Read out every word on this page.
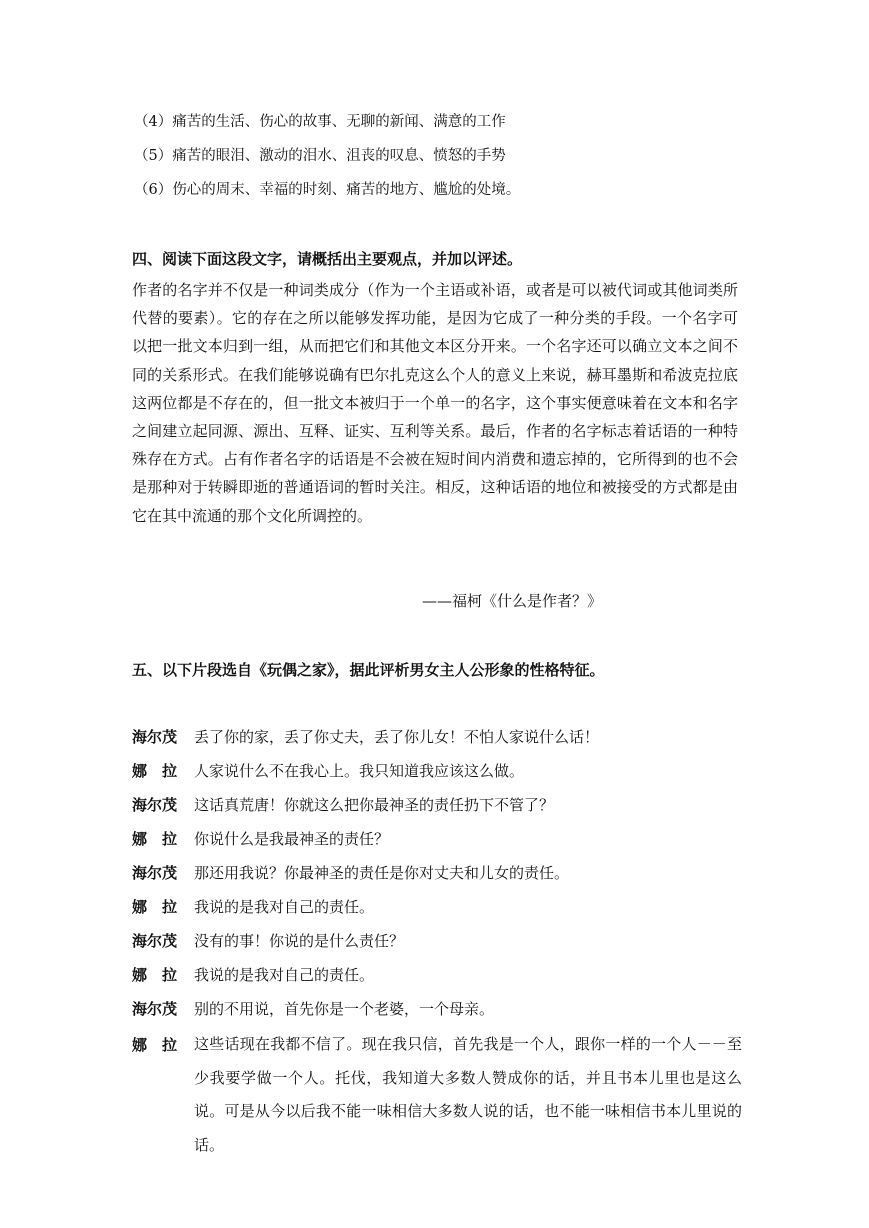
（4）痛苦的生活、伤心的故事、无聊的新闻、满意的工作
（5）痛苦的眼泪、激动的泪水、沮丧的叹息、愤怒的手势
（6）伤心的周末、幸福的时刻、痛苦的地方、尴尬的处境。
四、阅读下面这段文字，请概括出主要观点，并加以评述。
作者的名字并不仅是一种词类成分（作为一个主语或补语，或者是可以被代词或其他词类所代替的要素）。它的存在之所以能够发挥功能，是因为它成了一种分类的手段。一个名字可以把一批文本归到一组，从而把它们和其他文本区分开来。一个名字还可以确立文本之间不同的关系形式。在我们能够说确有巴尔扎克这么个人的意义上来说，赫耳墨斯和希波克拉底这两位都是不存在的，但一批文本被归于一个单一的名字，这个事实便意味着在文本和名字之间建立起同源、源出、互释、证实、互利等关系。最后，作者的名字标志着话语的一种特殊存在方式。占有作者名字的话语是不会被在短时间内消费和遗忘掉的，它所得到的也不会是那种对于转瞬即逝的普通语词的暂时关注。相反，这种话语的地位和被接受的方式都是由它在其中流通的那个文化所调控的。
——福柯《什么是作者？》
五、以下片段选自《玩偶之家》，据此评析男女主人公形象的性格特征。
海尔茂 丢了你的家，丢了你丈夫，丢了你儿女！不怕人家说什么话！
娜　拉 人家说什么不在我心上。我只知道我应该这么做。
海尔茂 这话真荒唐！你就这么把你最神圣的责任扔下不管了？
娜　拉 你说什么是我最神圣的责任？
海尔茂 那还用我说？你最神圣的责任是你对丈夫和儿女的责任。
娜　拉 我说的是我对自己的责任。
海尔茂 没有的事！你说的是什么责任？
娜　拉 我说的是我对自己的责任。
海尔茂 别的不用说，首先你是一个老婆，一个母亲。
娜　拉 这些话现在我都不信了。现在我只信，首先我是一个人，跟你一样的一个人－－至少我要学做一个人。托伐，我知道大多数人赞成你的话，并且书本儿里也是这么说。可是从今以后我不能一味相信大多数人说的话，也不能一味相信书本儿里说的话。
